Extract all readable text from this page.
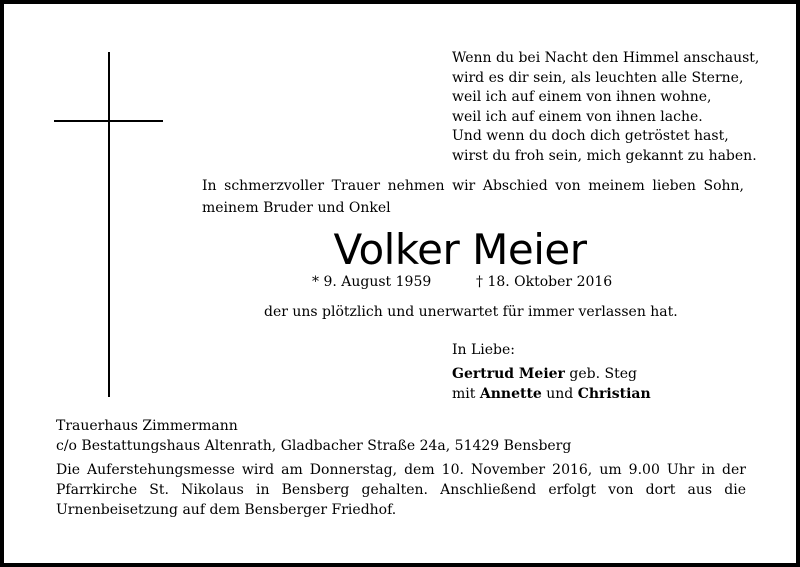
Wenn du bei Nacht den Himmel anschaust,
wird es dir sein, als leuchten alle Sterne,
weil ich auf einem von ihnen wohne,
weil ich auf einem von ihnen lache.
Und wenn du doch dich getröstet hast,
wirst du froh sein, mich gekannt zu haben.
In schmerzvoller Trauer nehmen wir Abschied von meinem lieben Sohn,
meinem Bruder und Onkel
Volker Meier
* 9. August 1959	† 18. Oktober 2016
der uns plötzlich und unerwartet für immer verlassen hat.
In Liebe:
Gertrud Meier geb. Steg
mit Annette und Christian
Trauerhaus Zimmermann
c/o Bestattungshaus Altenrath, Gladbacher Straße 24a, 51429 Bensberg
Die Auferstehungsmesse wird am Donnerstag, dem 10. November 2016, um 9.00 Uhr in der Pfarrkirche St. Nikolaus in Bensberg gehalten. Anschließend erfolgt von dort aus die Urnenbeisetzung auf dem Bensberger Friedhof.
